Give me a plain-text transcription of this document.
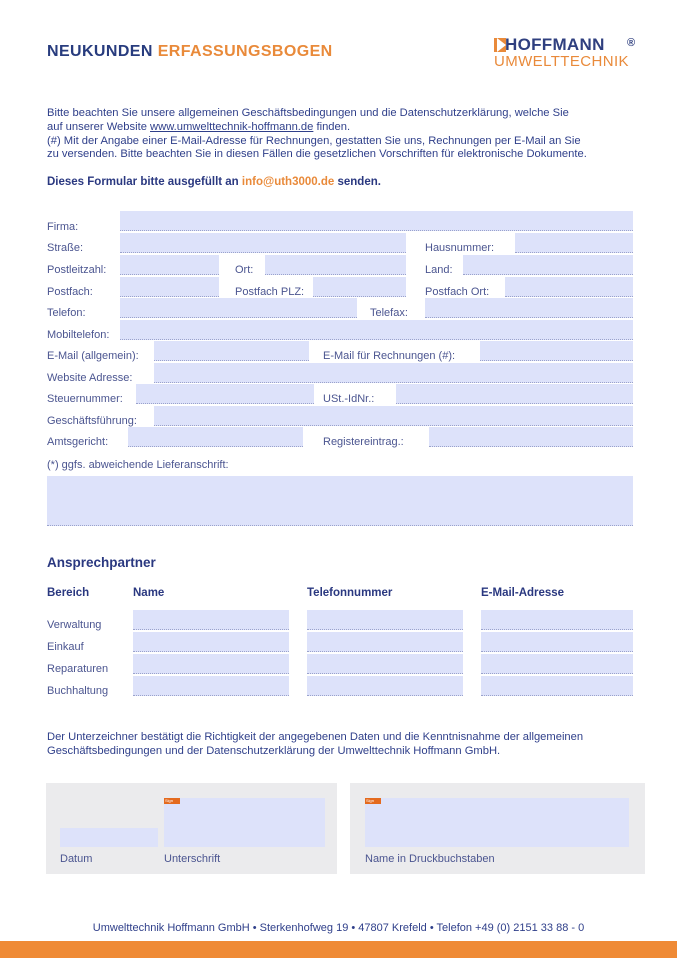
NEUKUNDEN ERFASSUNGSBOGEN	HOFFMANN ®
UMWELTTECHNIK

Bitte beachten Sie unsere allgemeinen Geschäftsbedingungen und die Datenschutzerklärung, welche Sie

auf unserer Website www.umwelttechnik-hoffmann.de finden.

(#) Mit der Angabe einer E-Mail-Adresse für Rechnungen, gestatten Sie uns, Rechnungen per E-Mail an Sie

zu versenden. Bitte beachten Sie in diesen Fällen die gesetzlichen Vorschriften für elektronische Dokumente.

Dieses Formular bitte ausgefüllt an info@uth3000.de senden.
Firma:
Straße:	Hausnummer:
Postleitzahl:	Ort:	Land:
Postfach:	Postfach PLZ:	Postfach Ort:
Telefon:	Telefax:
Mobiltelefon:
E-Mail (allgemein):	E-Mail für Rechnungen (#):
Website Adresse:
Steuernummer:	USt.-IdNr.:
Geschäftsführung:
Amtsgericht:	Registereintrag.:
(*) ggfs. abweichende Lieferanschrift:
Ansprechpartner
Bereich	Name	Telefonnummer	E-Mail-Adresse
Verwaltung
Einkauf
Reparaturen
Buchhaltung
Der Unterzeichner bestätigt die Richtigkeit der angegebenen Daten und die Kenntnisnahme der allgemeinen
Geschäftsbedingungen und der Datenschutzerklärung der Umwelttechnik Hoffmann GmbH.
Sign
Datum	Unterschrift
Sign
Name in Druckbuchstaben
Umwelttechnik Hoffmann GmbH • Sterkenhofweg 19 • 47807 Krefeld • Telefon +49 (0) 2151 33 88 - 0
